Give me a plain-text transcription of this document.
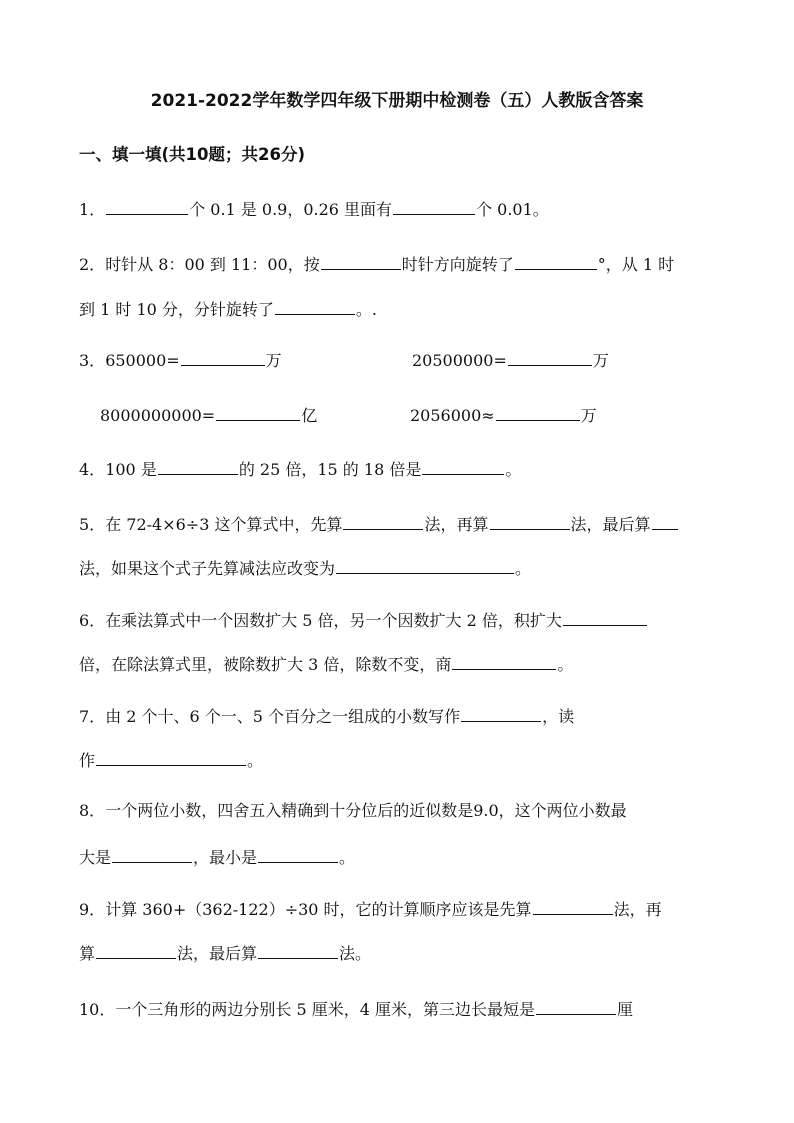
2021-2022学年数学四年级下册期中检测卷（五）人教版含答案
一、填一填(共10题；共26分)
1．	个 0.1 是 0.9，0.26 里面有	个 0.01。
2．时针从 8：00 到 11：00，按	时针方向旋转了	°，从 1 时
到 1 时 10 分，分针旋转了	。.
3．650000=	万	20500000=	万
8000000000=	亿	2056000≈	万
4．100 是	的 25 倍，15 的 18 倍是	。
5．在 72-4×6÷3 这个算式中，先算	法，再算	法，最后算
法，如果这个式子先算减法应改变为	。
6．在乘法算式中一个因数扩大 5 倍，另一个因数扩大 2 倍，积扩大
倍，在除法算式里，被除数扩大 3 倍，除数不变，商	。
7．由 2 个十、6 个一、5 个百分之一组成的小数写作	，读
作	。
8．一个两位小数，四舍五入精确到十分位后的近似数是9.0，这个两位小数最
大是	，最小是	。
9．计算 360+（362-122）÷30 时，它的计算顺序应该是先算	法，再
算	法，最后算	法。
10．一个三角形的两边分别长 5 厘米，4 厘米，第三边长最短是	厘
